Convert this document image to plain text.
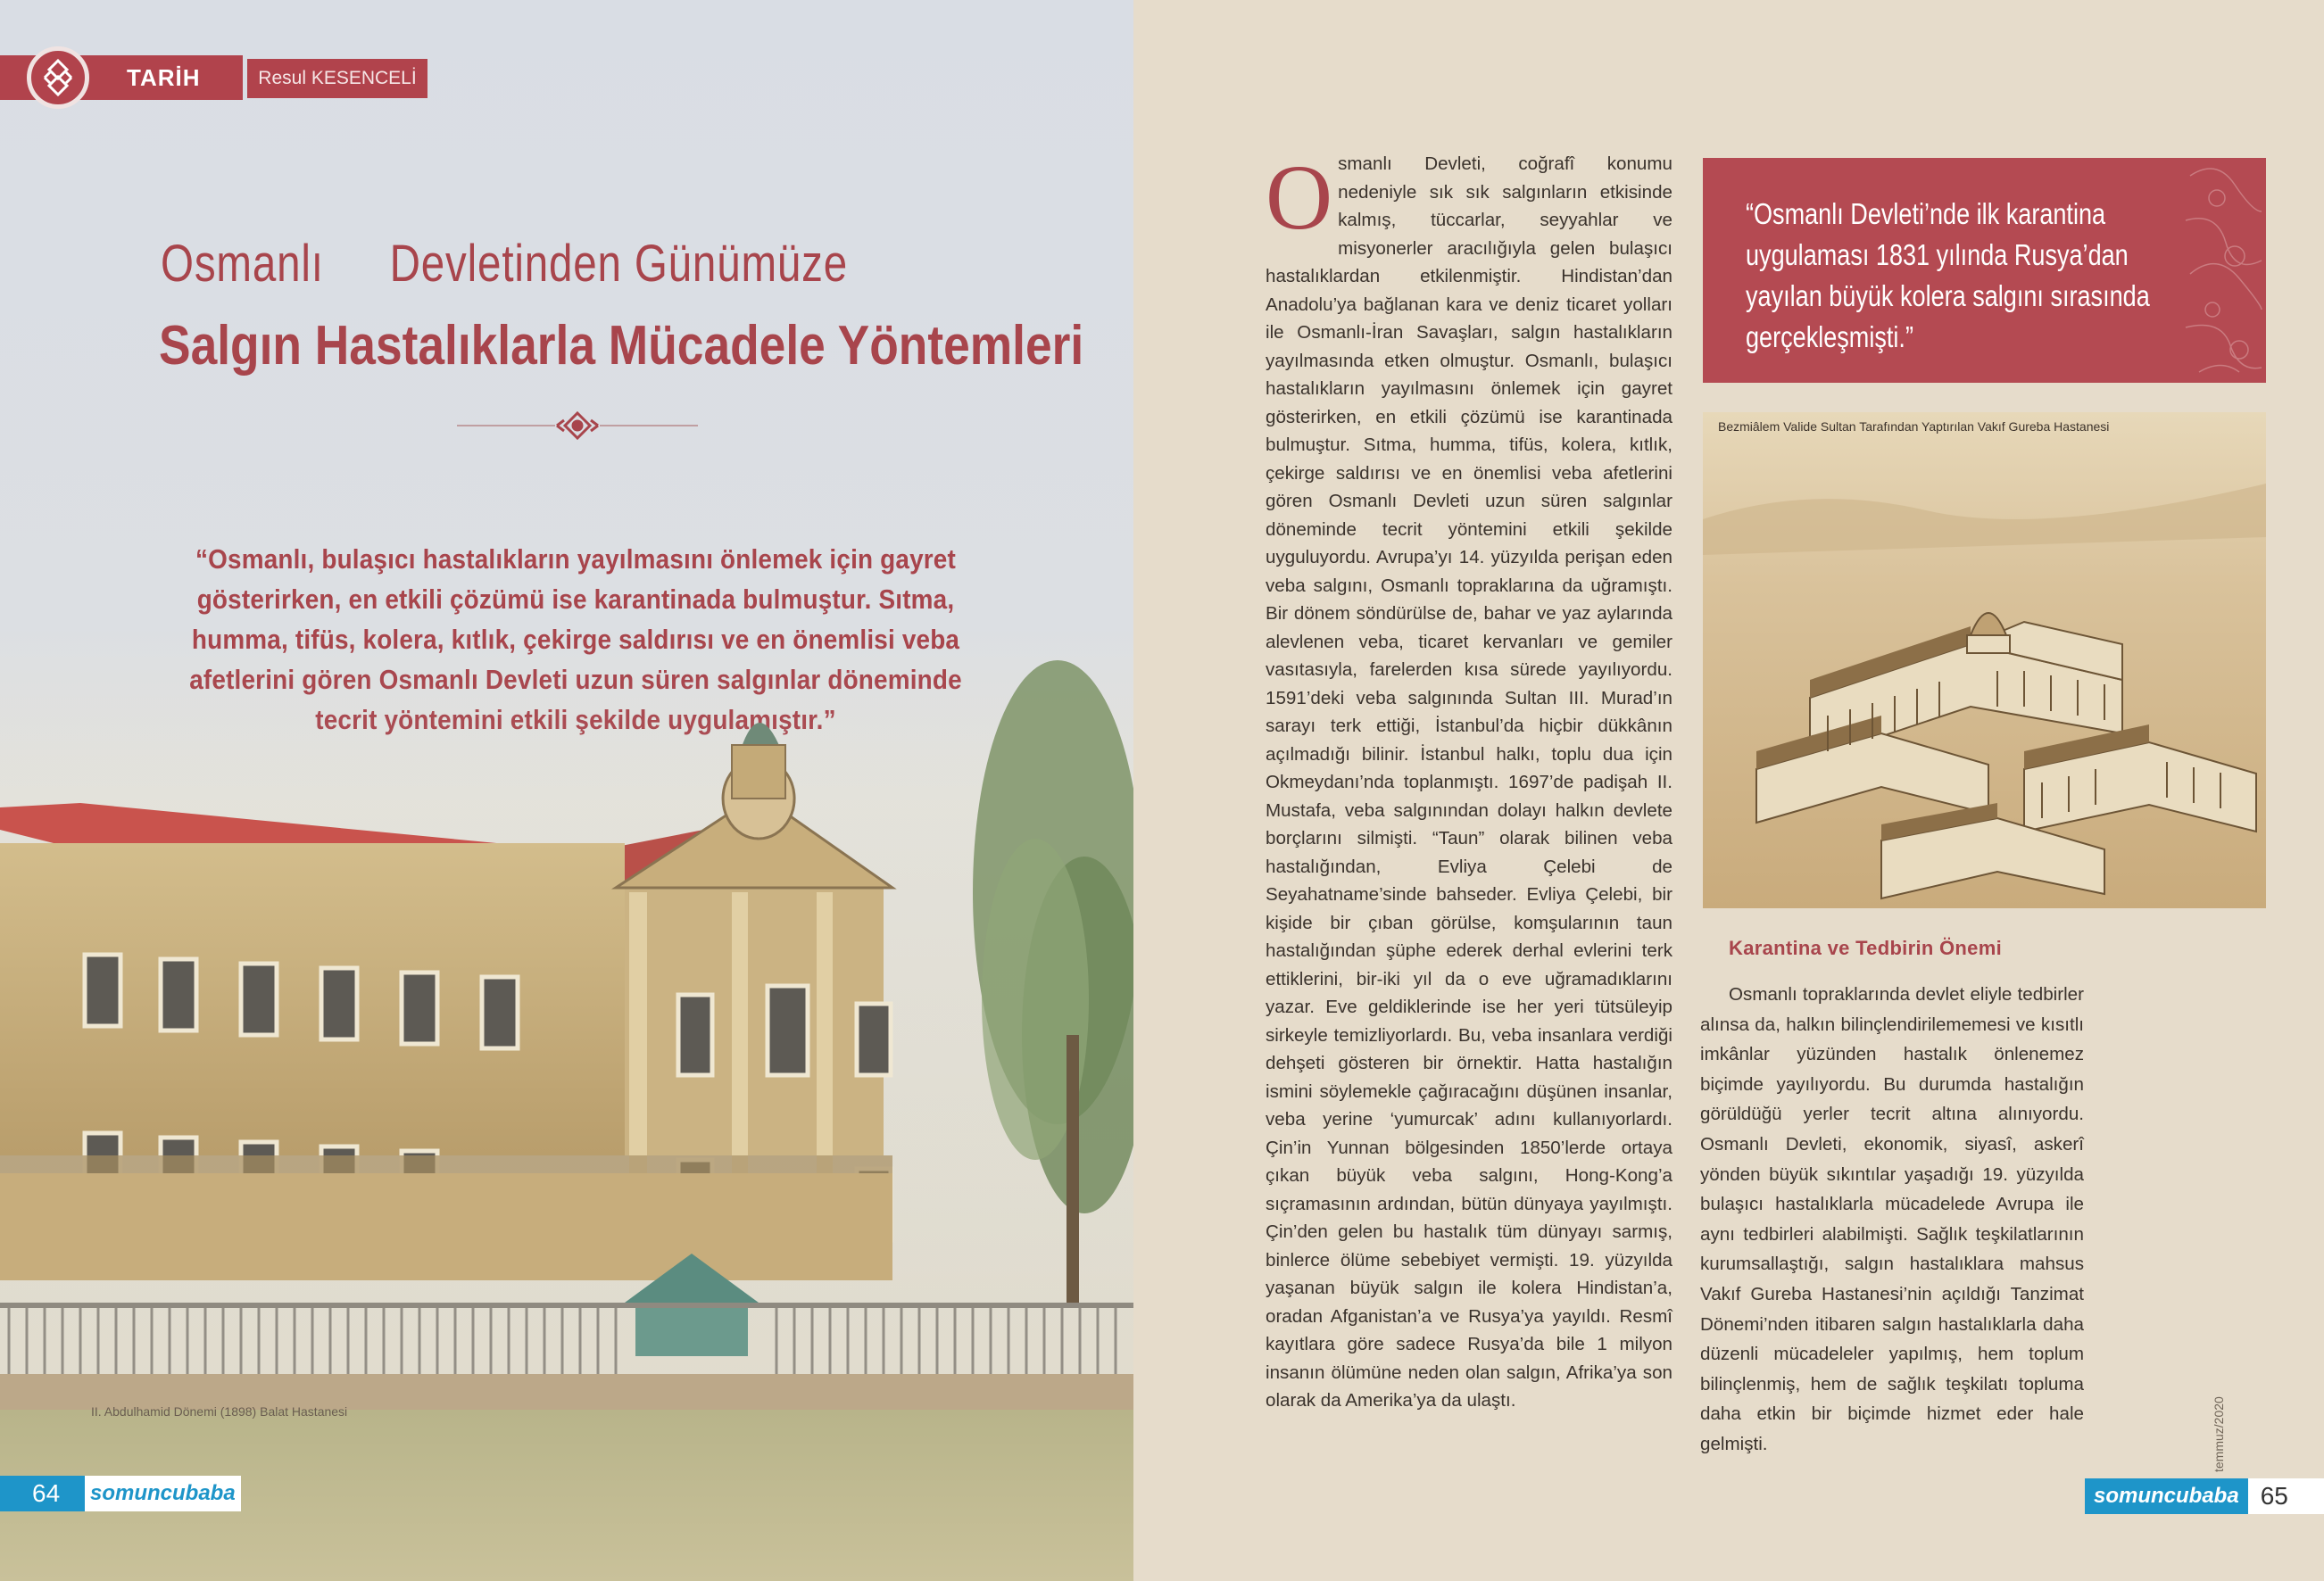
TARİH	Resul KESENCELİ
Osmanlı Devletinden Günümüze
Salgın Hastalıklarla Mücadele Yöntemleri

“Osmanlı, bulaşıcı hastalıkların yayılmasını önlemek için gayret gösterirken, en etkili çözümü ise karantinada bulmuştur. Sıtma, humma, tifüs, kolera, kıtlık, çekirge saldırısı ve en önemlisi veba

II. Abdulhamid Dönemi (1898) Balat Hastanesi
64	somuncubaba
O smanlı Devleti, coğrafî konumu nedeniyle sık sık salgınların etkisinde kalmış, tüccarlar, seyyahlar ve misyonerler aracılığıyla gelen bulaşıcı hastalıklardan etkilenmiştir. Hindistan’dan Anadolu’ya bağlanan kara ve deniz ticaret yolları ile Osmanlı-İran Savaşları, salgın hastalıkların yayılmasında etken olmuştur. Osmanlı, bulaşıcı hastalıkların yayılmasını önlemek için gayret gösterirken, en etkili çözümü ise karantinada bulmuştur. Sıtma, humma, tifüs, kolera, kıtlık, çekirge saldırısı ve en önemlisi veba afetlerini gören Osmanlı Devleti uzun süren salgınlar döneminde tecrit yöntemini etkili şekilde uyguluyordu. Avrupa’yı 14. yüzyılda perişan eden veba salgını, Osmanlı topraklarına da uğramıştı. Bir dönem söndürülse de, bahar ve yaz aylarında alevlenen veba, ticaret kervanları ve gemiler vasıtasıyla, farelerden kısa sürede yayılıyordu. 1591’deki veba salgınında Sultan III. Murad’ın sarayı terk ettiği, İstanbul’da hiçbir dükkânın açılmadığı bilinir. İstanbul halkı, toplu dua için Okmeydanı’nda toplanmıştı. 1697’de padişah II. Mustafa, veba salgınından dolayı halkın devlete borçlarını silmişti. “Taun” olarak bilinen veba hastalığından, Evliya Çelebi de Seyahatname’sinde bahseder. Evliya Çelebi, bir kişide bir çıban görülse, komşularının taun hastalığından şüphe ederek derhal evlerini terk ettiklerini, bir-iki yıl da o eve uğramadıklarını yazar. Eve geldiklerinde ise her yeri tütsüleyip sirkeyle temizliyorlardı. Bu, veba insanlara verdiği dehşeti gösteren bir örnektir. Hatta hastalığın ismini söylemekle çağıracağını düşünen insanlar, veba yerine ‘yumurcak’ adını kullanıyorlardı. Çin’in Yunnan bölgesinden 1850’lerde ortaya çıkan büyük veba salgını, Hong-Kong’a sıçramasının ardından, bütün dünyaya yayılmıştı. Çin’den gelen bu hastalık tüm dünyayı sarmış, binlerce ölüme sebebiyet vermişti. 19. yüzyılda yaşanan büyük salgın ile kolera Hindistan’a, oradan Afganistan’a ve Rusya’ya yayıldı. Resmî kayıtlara göre sadece Rusya’da bile 1 milyon insanın ölümüne neden olan salgın, Afrika’ya son olarak da Amerika’ya da ulaştı.

“Osmanlı Devleti’nde ilk karantina
uygulaması 1831 yılında Rusya’dan
yayılan büyük kolera salgını sırasında
gerçekleşmişti.”

Bezmiâlem Valide Sultan Tarafından Yaptırılan Vakıf Gureba Hastanesi
Karantina ve Tedbirin Önemi

Osmanlı topraklarında devlet eliyle tedbirler alınsa da, halkın bilinçlendirilememesi ve kısıtlı imkânlar yüzünden hastalık önlenemez biçimde yayılıyordu. Bu durumda hastalığın görüldüğü yerler tecrit altına alınıyordu. Osmanlı Devleti, ekonomik, siyasî, askerî yönden büyük sıkıntılar yaşadığı 19. yüzyılda bulaşıcı hastalıklarla mücadelede Avrupa ile aynı tedbirleri alabilmişti. Sağlık teşkilatlarının kurumsallaştığı, salgın hastalıklara mahsus Vakıf Gureba Hastanesi’nin açıldığı Tanzimat Dönemi’nden itibaren salgın hastalıklarla daha düzenli mücadeleler yapılmış, hem toplum bilinçlenmiş, hem de sağlık teşkilatı topluma daha etkin bir biçimde hizmet eder hale gelmişti.	temmuz/2020
somuncubaba 65
